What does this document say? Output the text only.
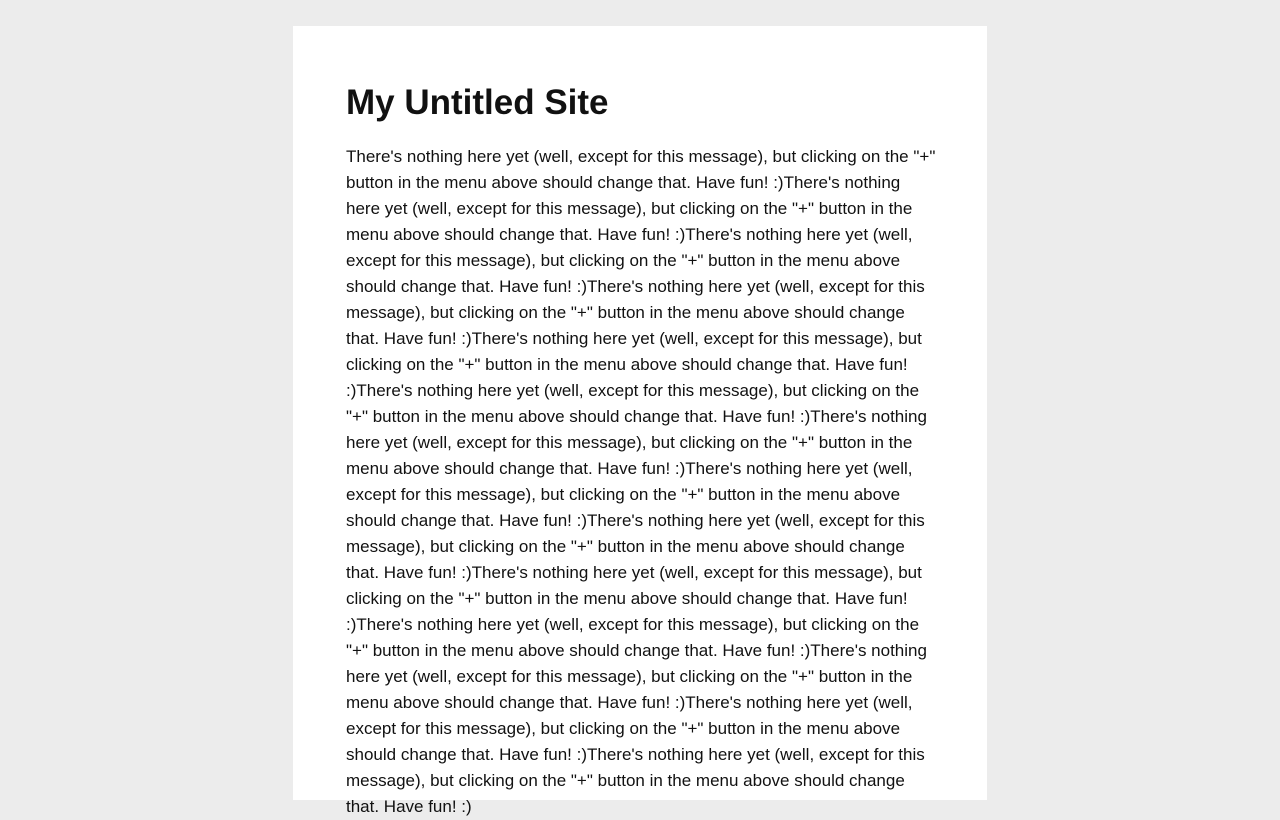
My Untitled Site

There's nothing here yet (well, except for this message), but clicking on the "+" button in the menu above should change that. Have fun! :)There's nothing here yet (well, except for this message), but clicking on the "+" button in the menu above should change that. Have fun! :)There's nothing here yet (well, except for this message), but clicking on the "+" button in the menu above should change that. Have fun! :)There's nothing here yet (well, except for this message), but clicking on the "+" button in the menu above should change that. Have fun! :)There's nothing here yet (well, except for this message), but clicking on the "+" button in the menu above should change that. Have fun! :)There's nothing here yet (well, except for this message), but clicking on the "+" button in the menu above should change that. Have fun! :)There's nothing here yet (well, except for this message), but clicking on the "+" button in the menu above should change that. Have fun! :)There's nothing here yet (well, except for this message), but clicking on the "+" button in the menu above should change that. Have fun! :)There's nothing here yet (well, except for this message), but clicking on the "+" button in the menu above should change that. Have fun! :)There's nothing here yet (well, except for this message), but clicking on the "+" button in the menu above should change that. Have fun! :)There's nothing here yet (well, except for this message), but clicking on the "+" button in the menu above should change that. Have fun! :)There's nothing here yet (well, except for this message), but clicking on the "+" button in the menu above should change that. Have fun! :)There's nothing here yet (well, except for this message), but clicking on the "+" button in the menu above should change that. Have fun! :)There's nothing here yet (well, except for this message), but clicking on the "+" button in the menu above should change that. Have fun! :)
